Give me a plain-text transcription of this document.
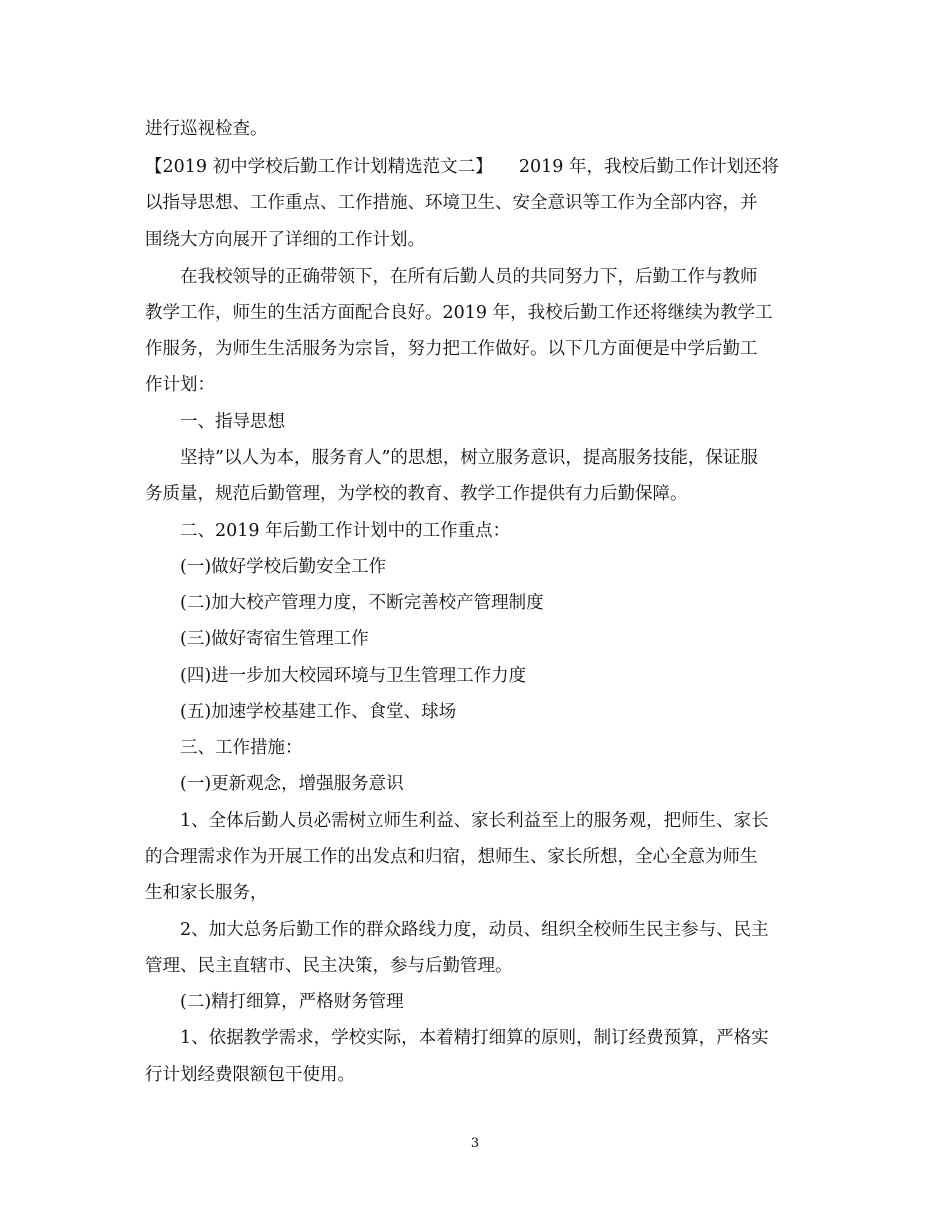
进行巡视检查。
【2019 初中学校后勤工作计划精选范文二】　　2019 年，我校后勤工作计划还将
以指导思想、工作重点、工作措施、环境卫生、安全意识等工作为全部内容，并
围绕大方向展开了详细的工作计划。
在我校领导的正确带领下，在所有后勤人员的共同努力下，后勤工作与教师
教学工作，师生的生活方面配合良好。2019 年，我校后勤工作还将继续为教学工
作服务，为师生生活服务为宗旨，努力把工作做好。以下几方面便是中学后勤工
作计划：
一、指导思想
坚持”以人为本，服务育人”的思想，树立服务意识，提高服务技能，保证服
务质量，规范后勤管理，为学校的教育、教学工作提供有力后勤保障。
二、2019 年后勤工作计划中的工作重点：
(一)做好学校后勤安全工作
(二)加大校产管理力度，不断完善校产管理制度
(三)做好寄宿生管理工作
(四)进一步加大校园环境与卫生管理工作力度
(五)加速学校基建工作、食堂、球场
三、工作措施：
(一)更新观念，增强服务意识
1、全体后勤人员必需树立师生利益、家长利益至上的服务观，把师生、家长
的合理需求作为开展工作的出发点和归宿，想师生、家长所想，全心全意为师生
生和家长服务，
2、加大总务后勤工作的群众路线力度，动员、组织全校师生民主参与、民主
管理、民主直辖市、民主决策，参与后勤管理。
(二)精打细算，严格财务管理
1、依据教学需求，学校实际，本着精打细算的原则，制订经费预算，严格实
行计划经费限额包干使用。
3
